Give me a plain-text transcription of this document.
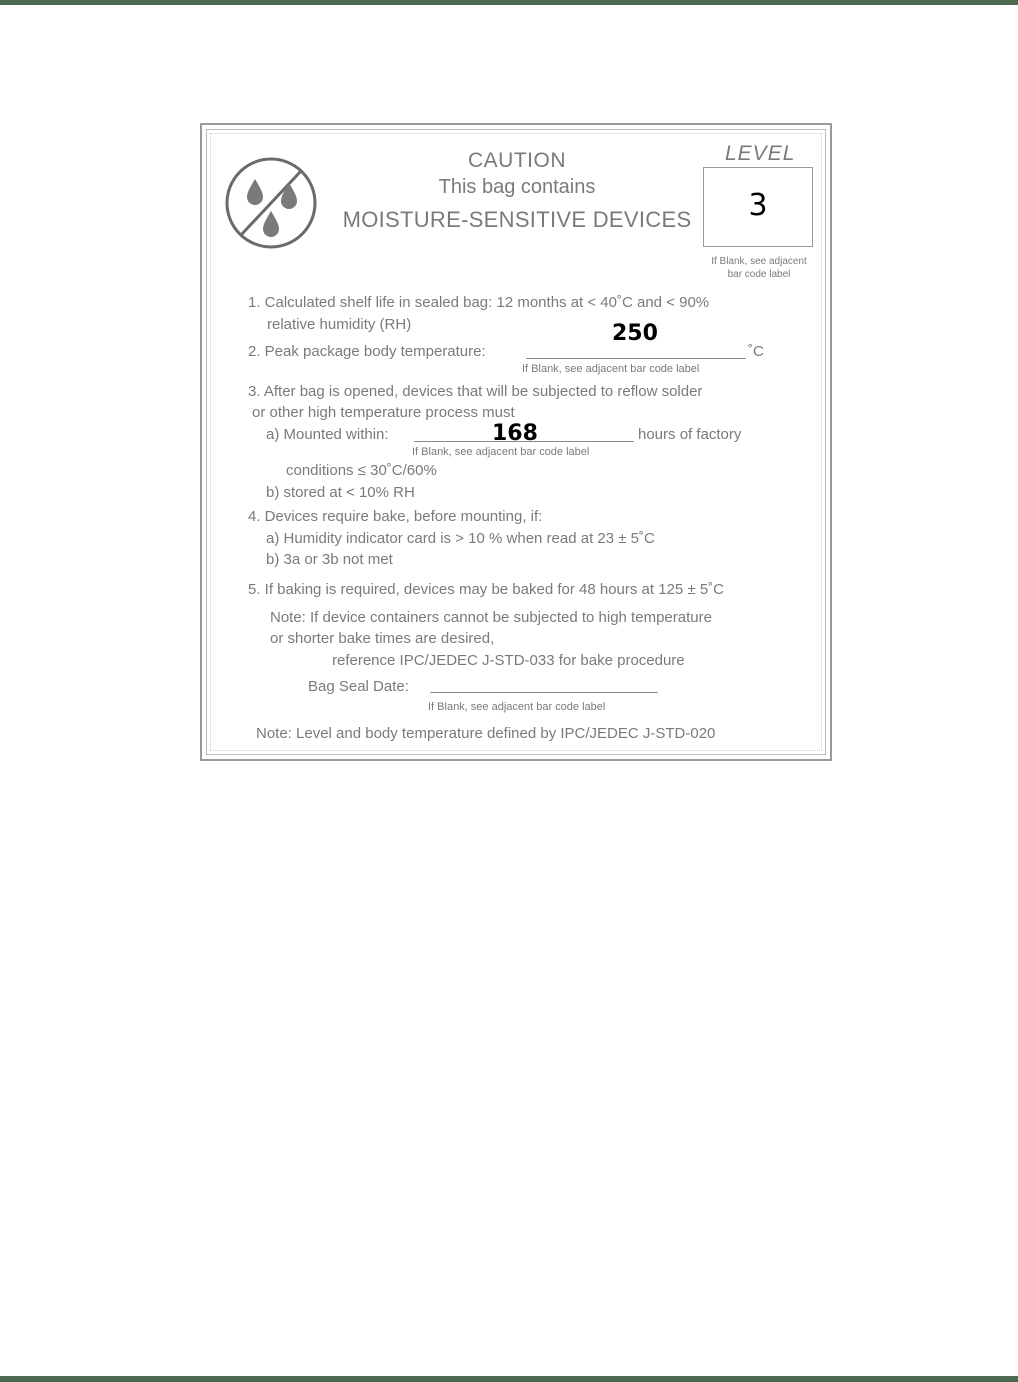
CAUTION
This bag contains
MOISTURE-SENSITIVE DEVICES
LEVEL
3
If Blank, see adjacent
bar code label
1. Calculated shelf life in sealed bag: 12 months at < 40˚C and < 90%
relative humidity (RH)
2. Peak package body temperature:
250
˚C
If Blank, see adjacent bar code label
3. After bag is opened, devices that will be subjected to reflow solder
or other high temperature process must
a) Mounted within:	168	hours of factory
If Blank, see adjacent bar code label
conditions ≤ 30˚C/60%
b) stored at < 10% RH
4. Devices require bake, before mounting, if:
a) Humidity indicator card is > 10 % when read at 23 ± 5˚C
b) 3a or 3b not met
5. If baking is required, devices may be baked for 48 hours at 125 ± 5˚C
Note: If device containers cannot be subjected to high temperature
or shorter bake times are desired,
reference IPC/JEDEC J-STD-033 for bake procedure
Bag Seal Date:
If Blank, see adjacent bar code label
Note: Level and body temperature defined by IPC/JEDEC J-STD-020
